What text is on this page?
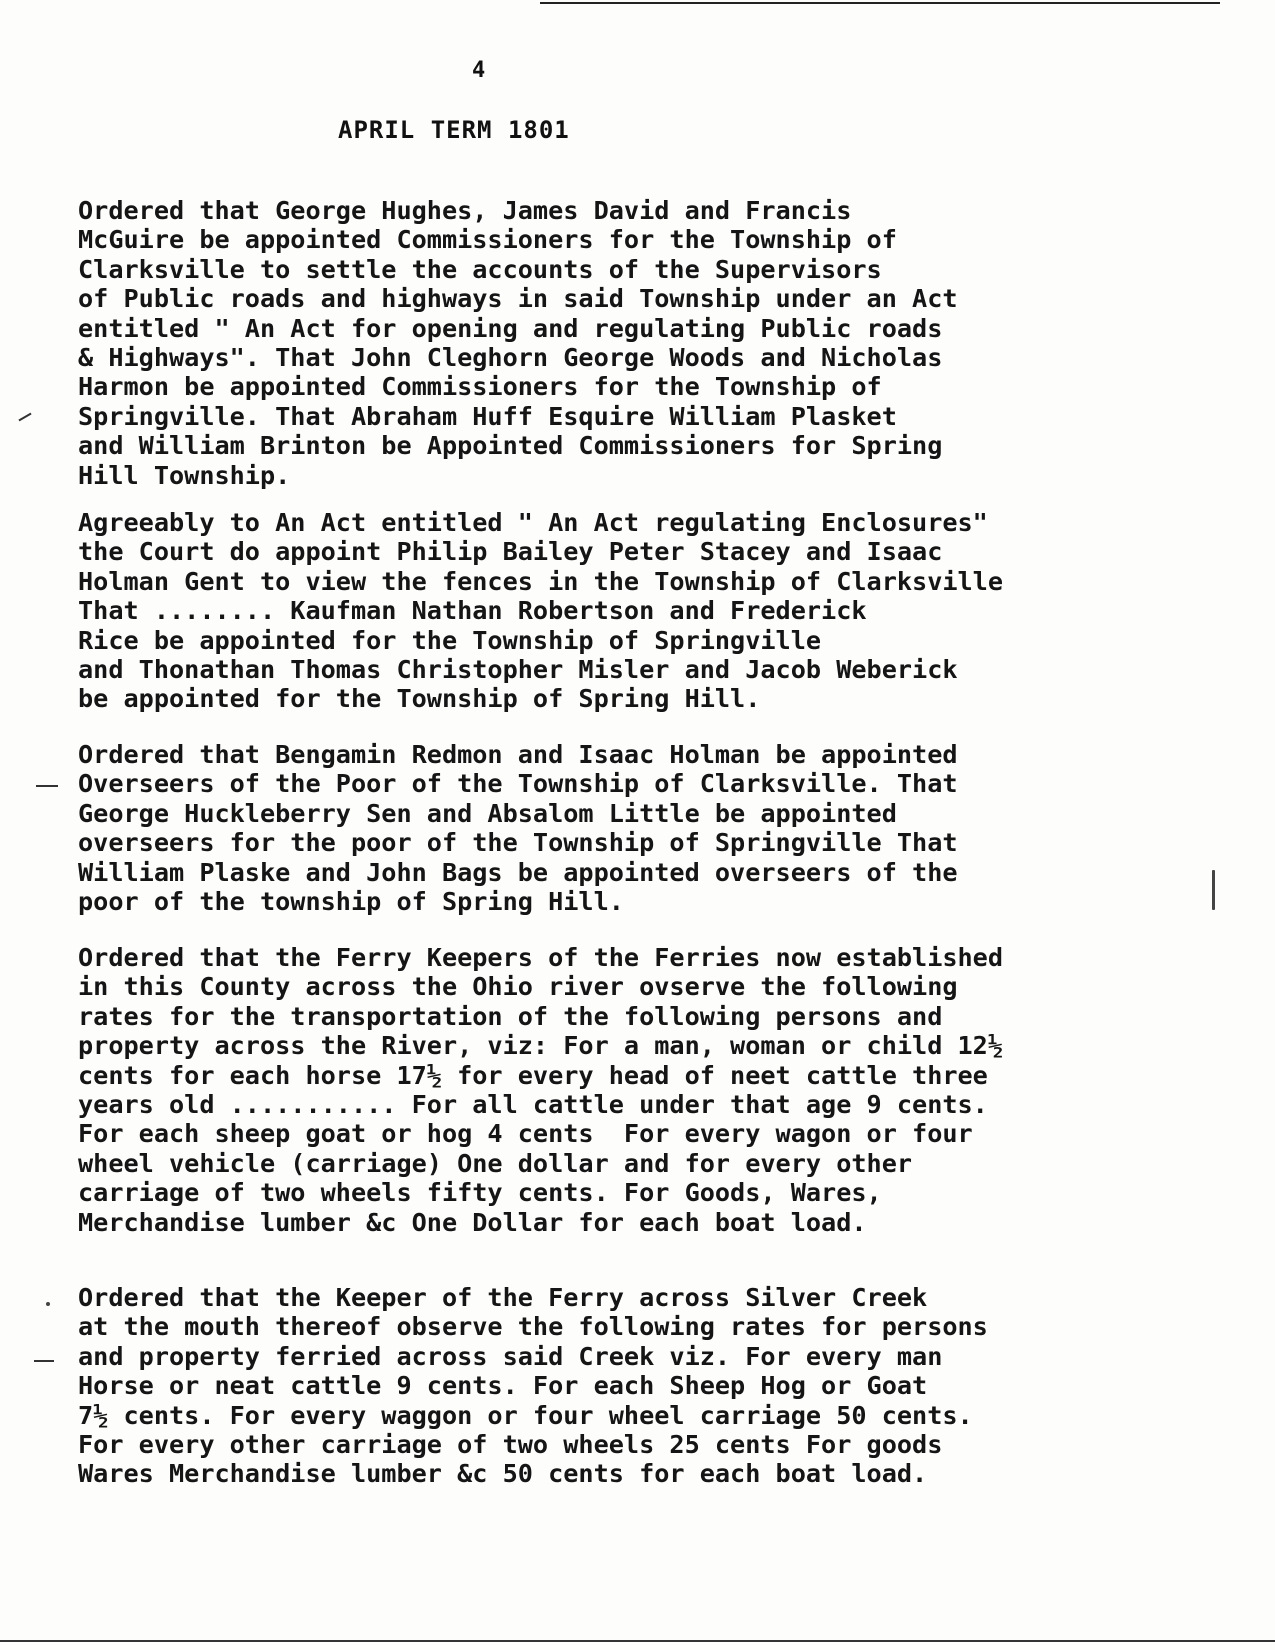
4
APRIL TERM 1801
Ordered that George Hughes, James David and Francis
McGuire be appointed Commissioners for the Township of
Clarksville to settle the accounts of the Supervisors
of Public roads and highways in said Township under an Act
entitled " An Act for opening and regulating Public roads
& Highways". That John Cleghorn George Woods and Nicholas
Harmon be appointed Commissioners for the Township of
Springville. That Abraham Huff Esquire William Plasket
and William Brinton be Appointed Commissioners for Spring
Hill Township.
Agreeably to An Act entitled " An Act regulating Enclosures"
the Court do appoint Philip Bailey Peter Stacey and Isaac
Holman Gent to view the fences in the Township of Clarksville
That ........ Kaufman Nathan Robertson and Frederick
Rice be appointed for the Township of Springville
and Thonathan Thomas Christopher Misler and Jacob Weberick
be appointed for the Township of Spring Hill.
Ordered that Bengamin Redmon and Isaac Holman be appointed
Overseers of the Poor of the Township of Clarksville. That
George Huckleberry Sen and Absalom Little be appointed
overseers for the poor of the Township of Springville That
William Plaske and John Bags be appointed overseers of the
poor of the township of Spring Hill.
Ordered that the Ferry Keepers of the Ferries now established
in this County across the Ohio river ovserve the following
rates for the transportation of the following persons and
property across the River, viz: For a man, woman or child 12½
cents for each horse 17½ for every head of neet cattle three
years old ........... For all cattle under that age 9 cents.
For each sheep goat or hog 4 cents  For every wagon or four
wheel vehicle (carriage) One dollar and for every other
carriage of two wheels fifty cents. For Goods, Wares,
Merchandise lumber &c One Dollar for each boat load.
Ordered that the Keeper of the Ferry across Silver Creek
at the mouth thereof observe the following rates for persons
and property ferried across said Creek viz. For every man
Horse or neat cattle 9 cents. For each Sheep Hog or Goat
7½ cents. For every waggon or four wheel carriage 50 cents.
For every other carriage of two wheels 25 cents For goods
Wares Merchandise lumber &c 50 cents for each boat load.
